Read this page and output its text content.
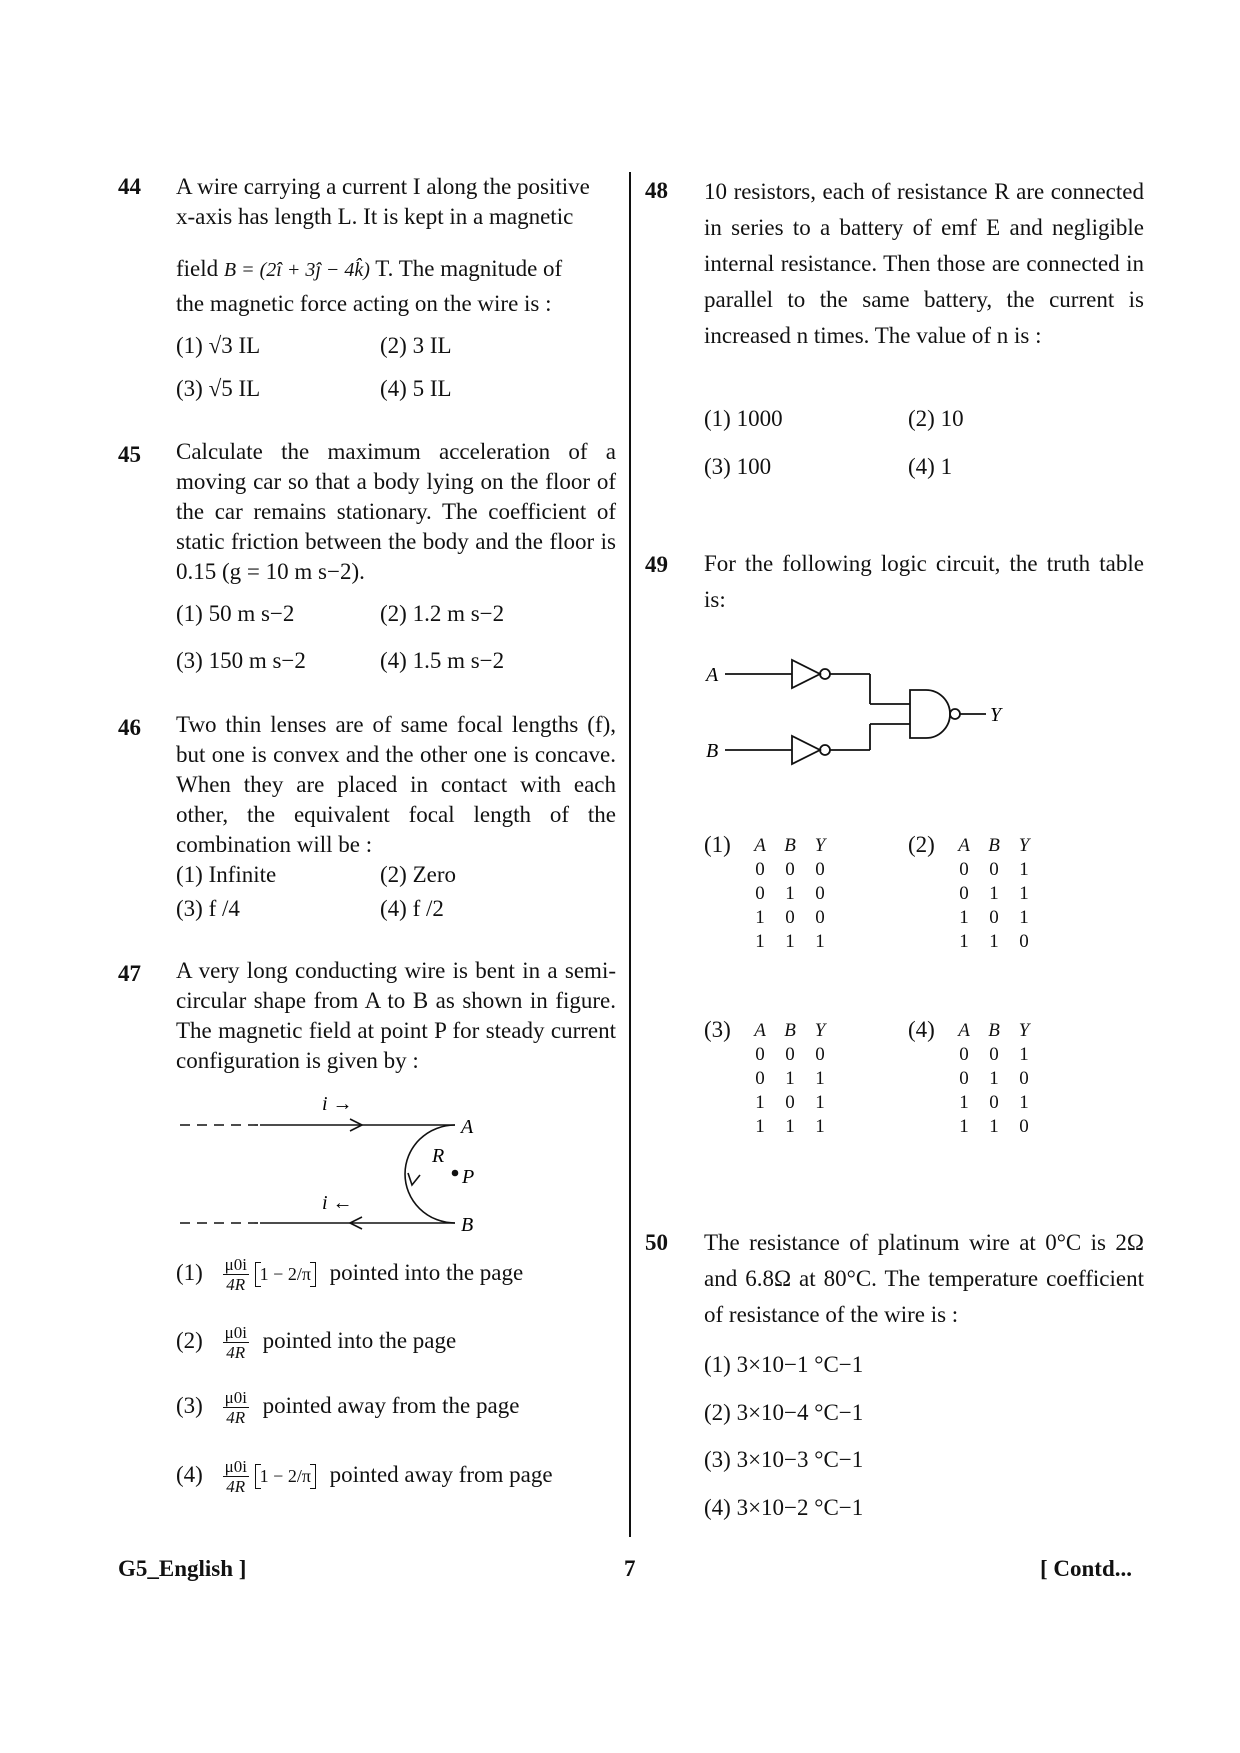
44 A wire carrying a current I along the positive
x-axis has length L. It is kept in a magnetic
field B = (2î + 3ĵ − 4k̂) T. The magnitude of
the magnetic force acting on the wire is :
(1) √3 IL	(2) 3 IL
(3) √5 IL	(4) 5 IL
45 Calculate the maximum acceleration of a moving car so that a body lying on the floor of the car remains stationary. The coefficient of static friction between the body and the floor is 0.15 (g = 10 m s−2).
(1) 50 m s−2	(2) 1.2 m s−2
(3) 150 m s−2	(4) 1.5 m s−2
46 Two thin lenses are of same focal lengths (f), but one is convex and the other one is concave. When they are placed in contact with each other, the equivalent focal length of the combination will be :
(1) Infinite	(2) Zero
(3) f /4	(4) f /2
47 A very long conducting wire is bent in a semi-circular shape from A to B as shown in figure. The magnetic field at point P for steady current configuration is given by :
i →
i ←
A
B
R
P
$(1) \frac{\mu 0i}{4R} 1 - 2/\pi$ pointed into the page
$(2) \frac{\mu 0i}{4R}$ pointed into the page
$(3) \frac{\mu 0i}{4R}$ pointed away from the page
$(4) \frac{\mu 0i}{4R} 1 - 2/\pi$ pointed away from page
48 10 resistors, each of resistance R are connected in series to a battery of emf E and negligible internal resistance. Then those are connected in parallel to the same battery, the current is increased n times. The value of n is :
(1) 1000	(2) 10
(3) 100	(4) 1
49 For the following logic circuit, the truth table is:
A
B
Y
(1) A B Y
0 0 0
0 1 0
1 0 0
1 1 1
(2) A B Y
0 0 1
0 1 1
1 0 1
1 1 0
(3) A B Y
0 0 0
0 1 1
1 0 1
1 1 1
(4) A B Y
0 0 1
0 1 0
1 0 1
1 1 0
50 The resistance of platinum wire at 0°C is 2Ω and 6.8Ω at 80°C. The temperature coefficient of resistance of the wire is :
(1) 3×10−1 °C−1
(2) 3×10−4 °C−1
(3) 3×10−3 °C−1
(4) 3×10−2 °C−1
G5_English ]	7	[ Contd...
